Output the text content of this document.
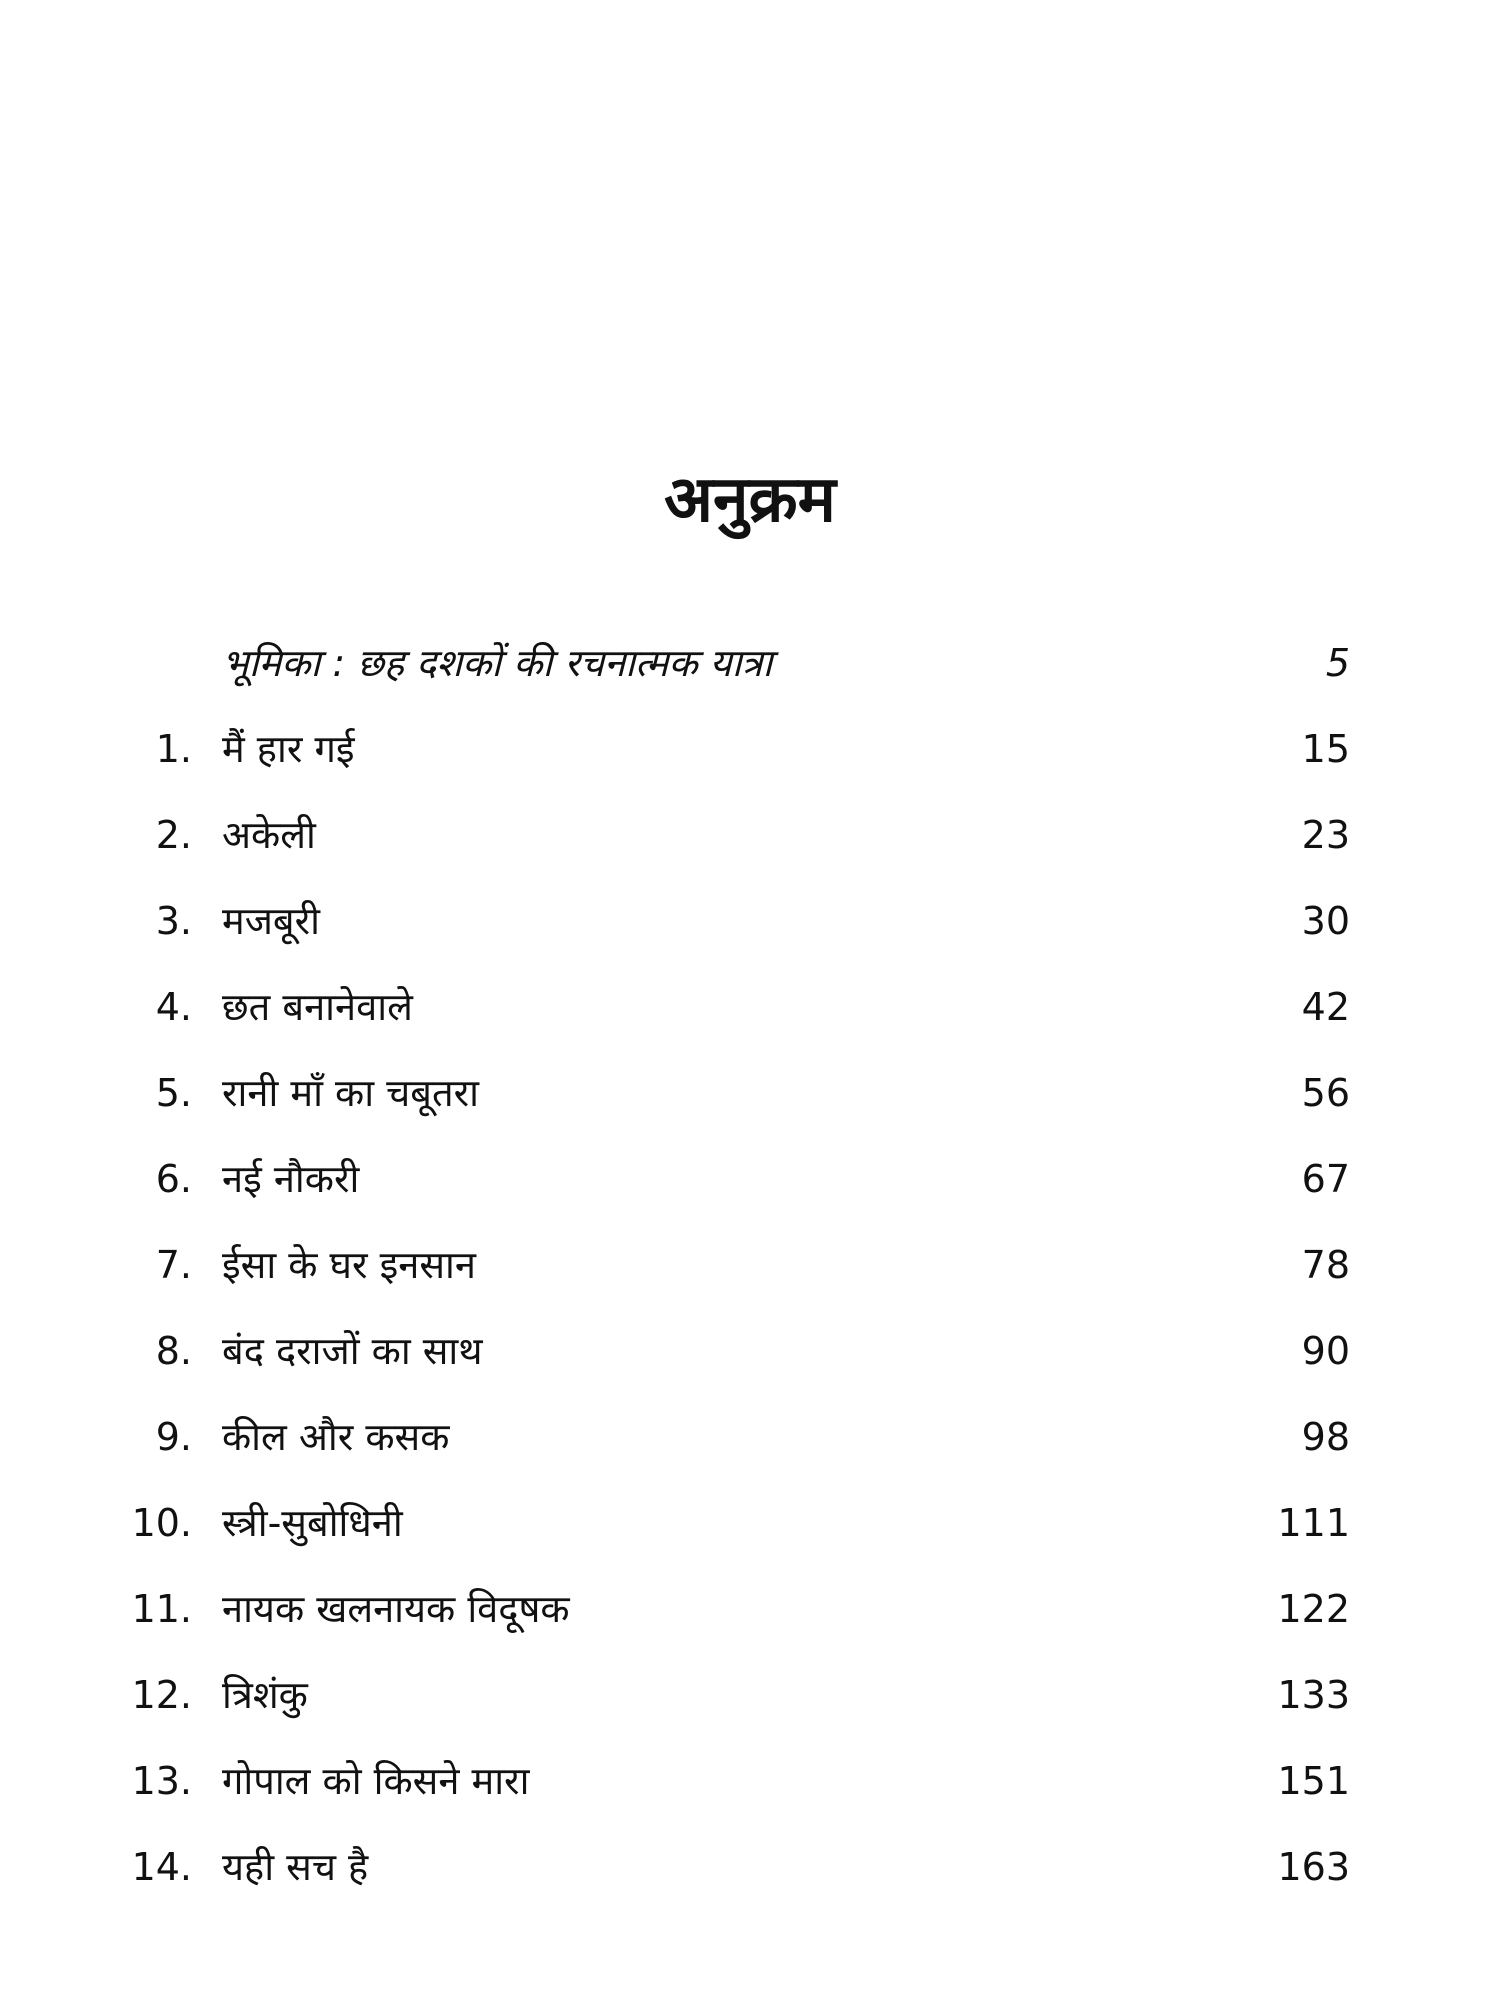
अनुक्रम
भूमिका : छह दशकों की रचनात्मक यात्रा	5
1. मैं हार गई	15
2. अकेली	23
3. मजबूरी	30
4. छत बनानेवाले	42
5. रानी माँ का चबूतरा	56
6. नई नौकरी	67
7. ईसा के घर इनसान	78
8. बंद दराजों का साथ	90
9. कील और कसक	98
10. स्त्री-सुबोधिनी	111
11. नायक खलनायक विदूषक	122
12. त्रिशंकु	133
13. गोपाल को किसने मारा	151
14. यही सच है	163
